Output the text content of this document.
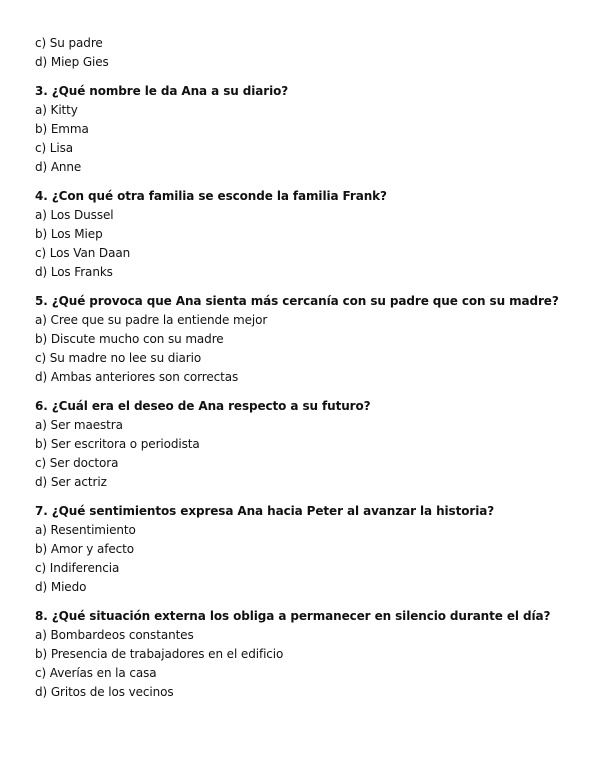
c) Su padre
d) Miep Gies
3. ¿Qué nombre le da Ana a su diario?
a) Kitty
b) Emma
c) Lisa
d) Anne
4. ¿Con qué otra familia se esconde la familia Frank?
a) Los Dussel
b) Los Miep
c) Los Van Daan
d) Los Franks
5. ¿Qué provoca que Ana sienta más cercanía con su padre que con su madre?
a) Cree que su padre la entiende mejor
b) Discute mucho con su madre
c) Su madre no lee su diario
d) Ambas anteriores son correctas
6. ¿Cuál era el deseo de Ana respecto a su futuro?
a) Ser maestra
b) Ser escritora o periodista
c) Ser doctora
d) Ser actriz
7. ¿Qué sentimientos expresa Ana hacia Peter al avanzar la historia?
a) Resentimiento
b) Amor y afecto
c) Indiferencia
d) Miedo
8. ¿Qué situación externa los obliga a permanecer en silencio durante el día?
a) Bombardeos constantes
b) Presencia de trabajadores en el edificio
c) Averías en la casa
d) Gritos de los vecinos
